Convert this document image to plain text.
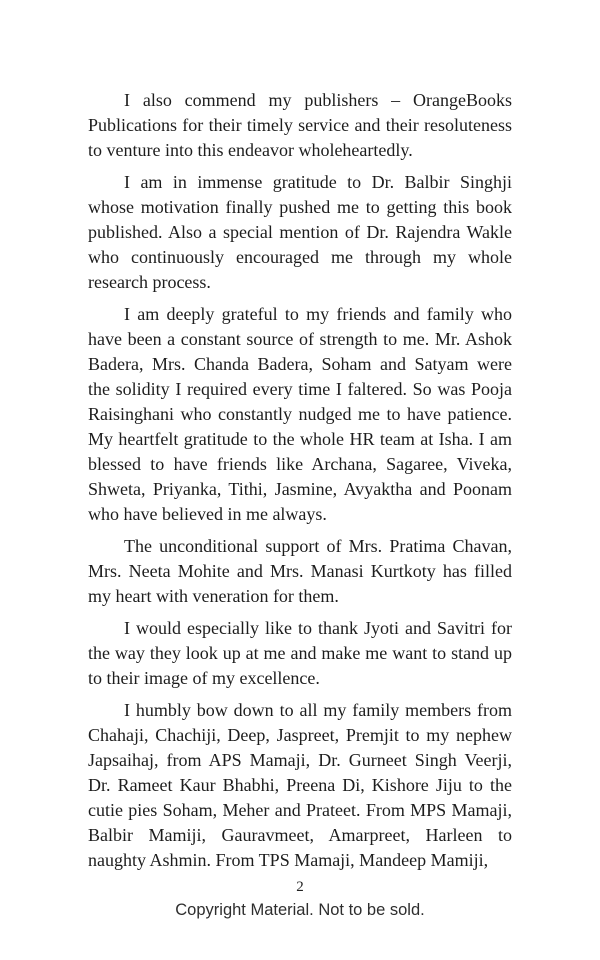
I also commend my publishers – OrangeBooks
Publications for their timely service and their resoluteness
to venture into this endeavor wholeheartedly.
I am in immense gratitude to Dr. Balbir Singhji
whose motivation finally pushed me to getting this book
published. Also a special mention of Dr. Rajendra Wakle
who continuously encouraged me through my whole
research process.
I am deeply grateful to my friends and family who
have been a constant source of strength to me. Mr. Ashok
Badera, Mrs. Chanda Badera, Soham and Satyam were
the solidity I required every time I faltered. So was Pooja
Raisinghani who constantly nudged me to have patience.
My heartfelt gratitude to the whole HR team at Isha. I am
blessed to have friends like Archana, Sagaree, Viveka,
Shweta, Priyanka, Tithi, Jasmine, Avyaktha and Poonam
who have believed in me always.
The unconditional support of Mrs. Pratima Chavan,
Mrs. Neeta Mohite and Mrs. Manasi Kurtkoty has filled
my heart with veneration for them.
I would especially like to thank Jyoti and Savitri for
the way they look up at me and make me want to stand up
to their image of my excellence.
I humbly bow down to all my family members from
Chahaji, Chachiji, Deep, Jaspreet, Premjit to my nephew
Japsaihaj, from APS Mamaji, Dr. Gurneet Singh Veerji,
Dr. Rameet Kaur Bhabhi, Preena Di, Kishore Jiju to the
cutie pies Soham, Meher and Prateet. From MPS Mamaji,
Balbir Mamiji, Gauravmeet, Amarpreet, Harleen to
naughty Ashmin. From TPS Mamaji, Mandeep Mamiji,
2
Copyright Material. Not to be sold.
